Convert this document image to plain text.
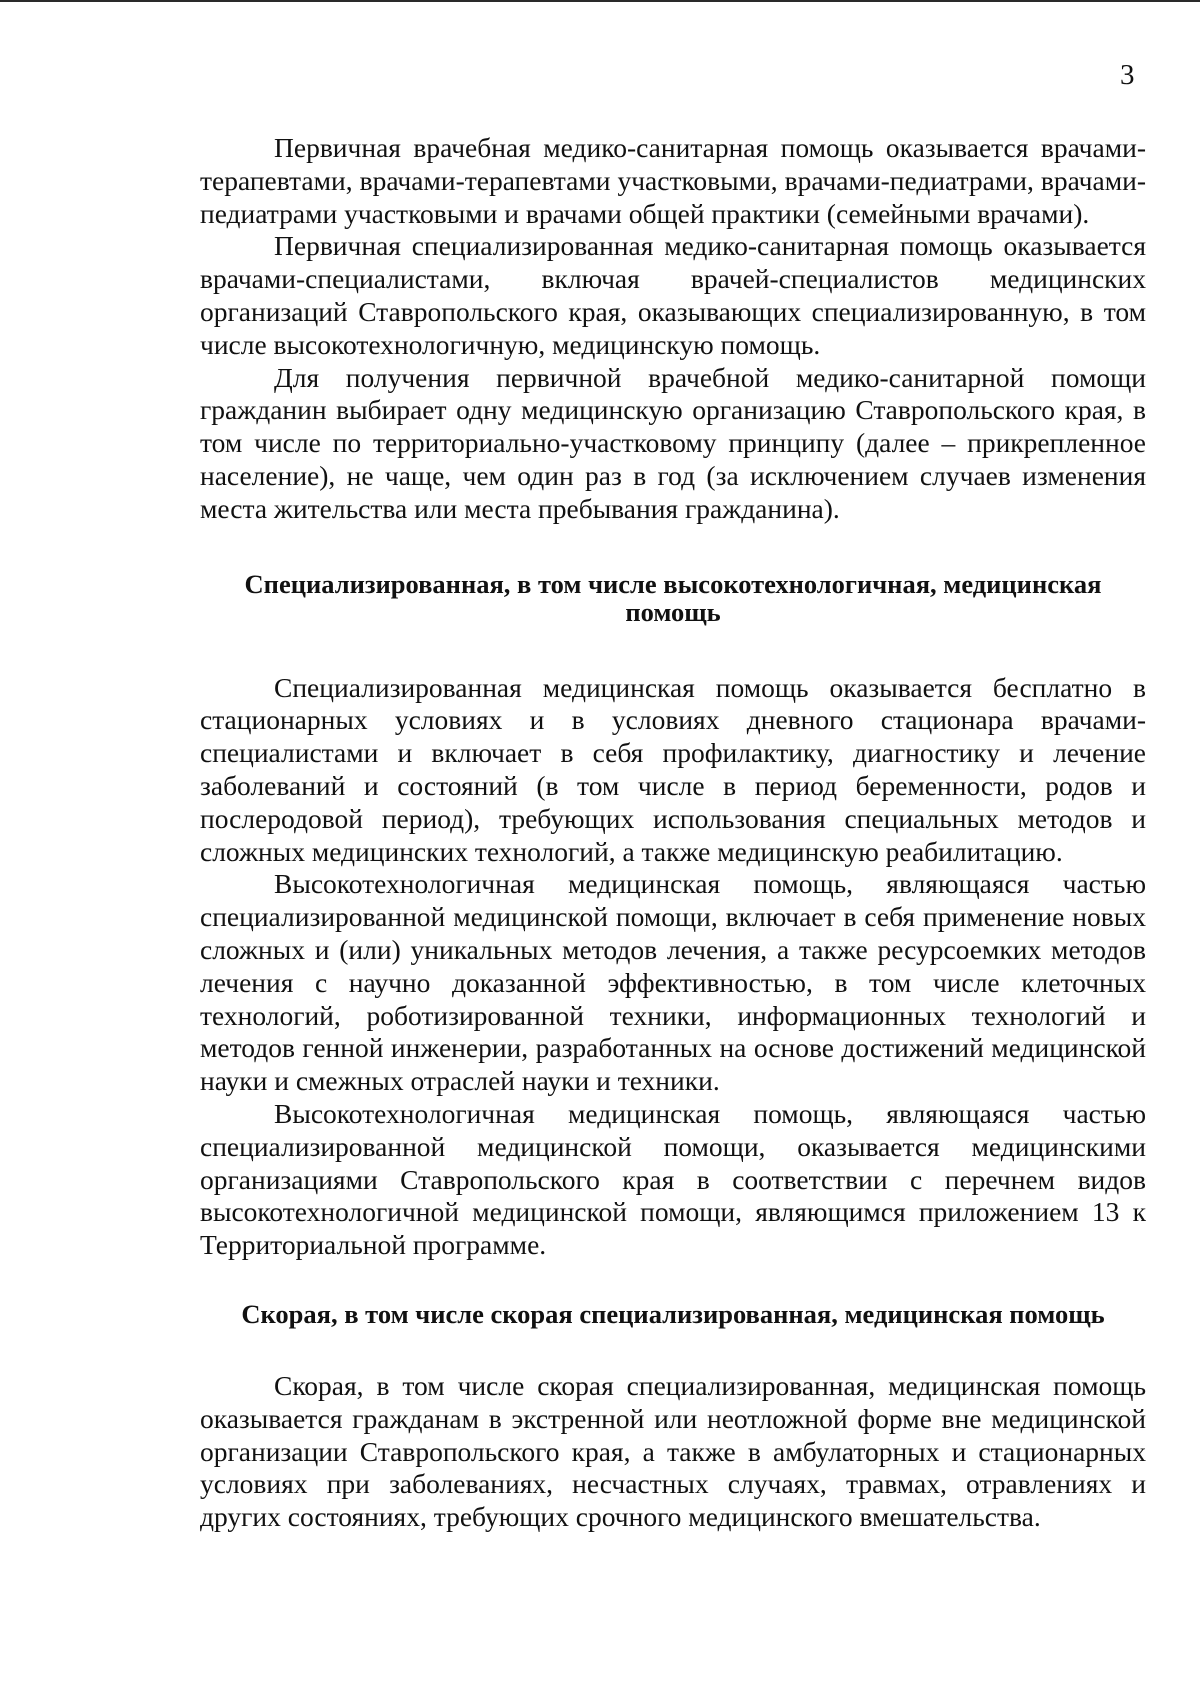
3

Первичная врачебная медико-санитарная помощь оказывается врачами-терапевтами, врачами-терапевтами участковыми, врачами-педиатрами, врачами-педиатрами участковыми и врачами общей практики (семейными врачами).

Первичная специализированная медико-санитарная помощь оказывается врачами-специалистами, включая врачей-специалистов медицинских организаций Ставропольского края, оказывающих специализированную, в том числе высокотехнологичную, медицинскую помощь.

Для получения первичной врачебной медико-санитарной помощи гражданин выбирает одну медицинскую организацию Ставропольского края, в том числе по территориально-участковому принципу (далее – прикрепленное население), не чаще, чем один раз в год (за исключением случаев изменения места жительства или места пребывания гражданина).

Специализированная, в том числе высокотехнологичная, медицинская помощь

Специализированная медицинская помощь оказывается бесплатно в стационарных условиях и в условиях дневного стационара врачами-специалистами и включает в себя профилактику, диагностику и лечение заболеваний и состояний (в том числе в период беременности, родов и послеродовой период), требующих использования специальных методов и сложных медицинских технологий, а также медицинскую реабилитацию.

Высокотехнологичная медицинская помощь, являющаяся частью специализированной медицинской помощи, включает в себя применение новых сложных и (или) уникальных методов лечения, а также ресурсоемких методов лечения с научно доказанной эффективностью, в том числе клеточных технологий, роботизированной техники, информационных технологий и методов генной инженерии, разработанных на основе достижений медицинской науки и смежных отраслей науки и техники.

Высокотехнологичная медицинская помощь, являющаяся частью специализированной медицинской помощи, оказывается медицинскими организациями Ставропольского края в соответствии с перечнем видов высокотехнологичной медицинской помощи, являющимся приложением 13 к Территориальной программе.

Скорая, в том числе скорая специализированная, медицинская помощь

Скорая, в том числе скорая специализированная, медицинская помощь оказывается гражданам в экстренной или неотложной форме вне медицинской организации Ставропольского края, а также в амбулаторных и стационарных условиях при заболеваниях, несчастных случаях, травмах, отравлениях и других состояниях, требующих срочного медицинского вмешательства.
